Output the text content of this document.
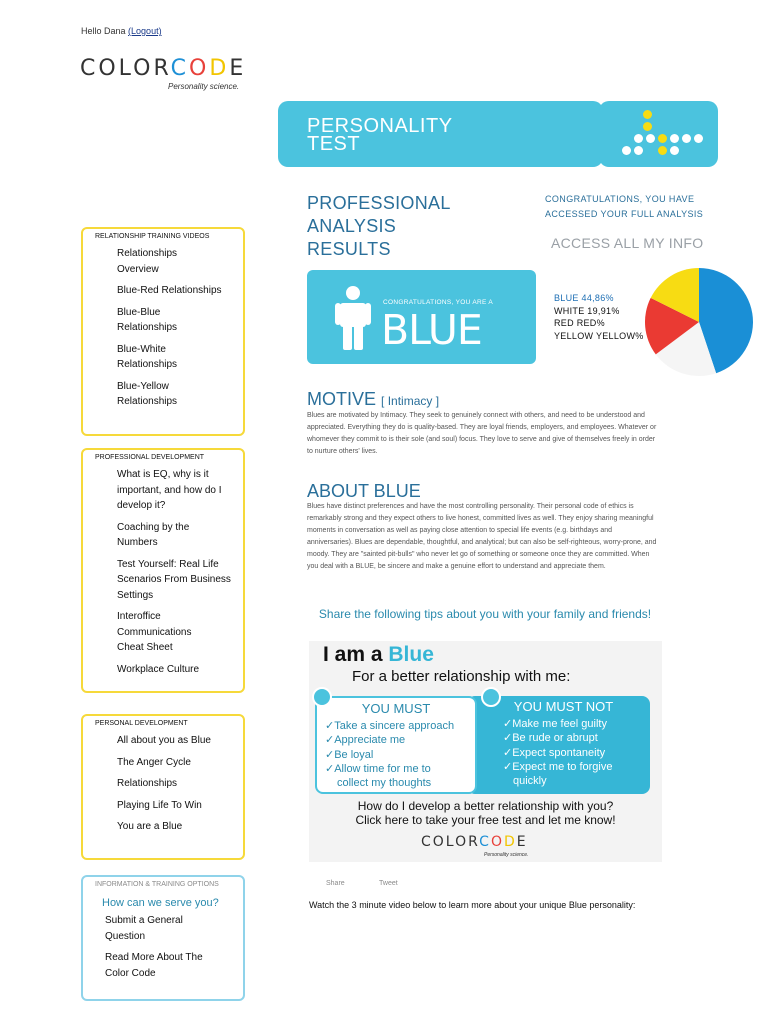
Hello Dana (Logout)
COLORCODE
Personality science.
PERSONALITY
TEST
RELATIONSHIP TRAINING VIDEOS
Relationships Overview
Blue-Red Relationships
Blue-Blue Relationships
Blue-White Relationships
Blue-Yellow Relationships
PROFESSIONAL DEVELOPMENT
What is EQ, why is it important, and how do I develop it?
Coaching by the Numbers
Test Yourself: Real Life Scenarios From Business Settings
Interoffice Communications Cheat Sheet
Workplace Culture
PERSONAL DEVELOPMENT
All about you as Blue
The Anger Cycle
Relationships
Playing Life To Win
You are a Blue
INFORMATION & TRAINING OPTIONS
How can we serve you?
Submit a General Question
Read More About The Color Code
PROFESSIONAL
ANALYSIS
RESULTS
CONGRATULATIONS, YOU HAVE
ACCESSED YOUR FULL ANALYSIS
ACCESS ALL MY INFO
CONGRATULATIONS, YOU ARE A
BLUE
BLUE 44,86%
WHITE 19,91%
RED RED%
YELLOW YELLOW%
MOTIVE [ Intimacy ]
Blues are motivated by Intimacy. They seek to genuinely connect with others, and need to be understood and appreciated. Everything they do is quality-based. They are loyal friends, employers, and employees. Whatever or whomever they commit to is their sole (and soul) focus. They love to serve and give of themselves freely in order to nurture others' lives.
ABOUT BLUE
Blues have distinct preferences and have the most controlling personality. Their personal code of ethics is remarkably strong and they expect others to live honest, committed lives as well. They enjoy sharing meaningful moments in conversation as well as paying close attention to special life events (e.g. birthdays and anniversaries). Blues are dependable, thoughtful, and analytical; but can also be self-righteous, worry-prone, and moody. They are "sainted pit-bulls" who never let go of something or someone once they are committed. When you deal with a BLUE, be sincere and make a genuine effort to understand and appreciate them.
Share the following tips about you with your family and friends!
I am a Blue
For a better relationship with me:
YOU MUST NOT
✓Make me feel guilty
✓Be rude or abrupt
✓Expect spontaneity
✓Expect me to forgive
quickly
YOU MUST
✓Take a sincere approach
✓Appreciate me
✓Be loyal
✓Allow time for me to
collect my thoughts
How do I develop a better relationship with you?
Click here to take your free test and let me know!
COLORCODE
Personality science.
Share	Tweet
Watch the 3 minute video below to learn more about your unique Blue personality:
